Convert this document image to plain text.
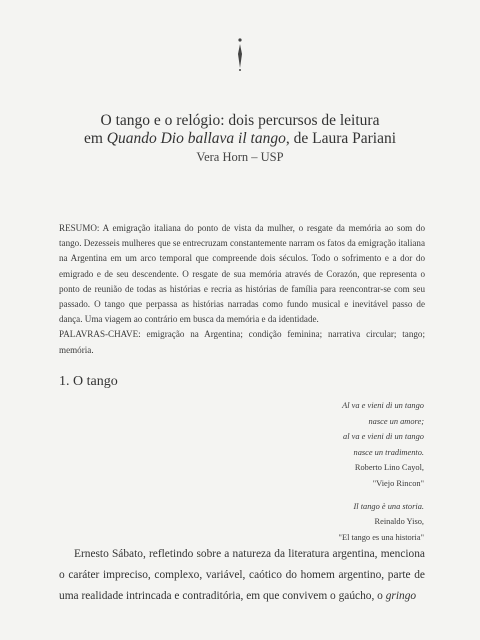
O tango e o relógio: dois percursos de leitura
em Quando Dio ballava il tango, de Laura Pariani
Vera Horn – USP

RESUMO: A emigração italiana do ponto de vista da mulher, o resgate da memória ao som do tango. Dezesseis mulheres que se entrecruzam constantemente narram os fatos da emigração italiana na Argentina em um arco temporal que compreende dois séculos. Todo o sofrimento e a dor do emigrado e de seu descendente. O resgate de sua memória através de Corazón, que representa o ponto de reunião de todas as histórias e recria as histórias de família para reencontrar-se com seu passado. O tango que perpassa as histórias narradas como fundo musical e inevitável passo de dança. Uma viagem ao contrário em busca da memória e da identidade.

PALAVRAS-CHAVE: emigração na Argentina; condição feminina; narrativa circular; tango; memória.

1. O tango
Al va e vieni di un tango
nasce un amore;
al va e vieni di un tango
nasce un tradimento.
Roberto Lino Cayol,
"Viejo Rincon"
Il tango è una storia.
Reinaldo Yiso,
"El tango es una historia"

Ernesto Sábato, refletindo sobre a natureza da literatura argentina, menciona o caráter impreciso, complexo, variável, caótico do homem argentino, parte de uma realidade intrincada e contraditória, em que convivem o gaúcho, o gringo
